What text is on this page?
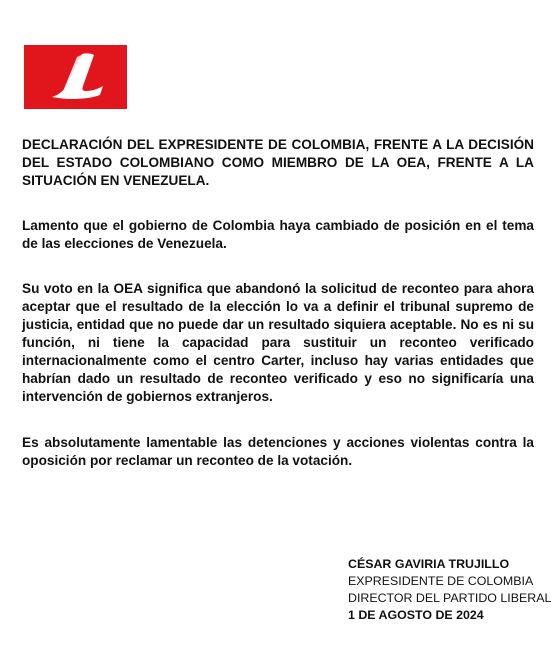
DECLARACIÓN DEL EXPRESIDENTE DE COLOMBIA, FRENTE A LA DECISIÓN DEL ESTADO COLOMBIANO COMO MIEMBRO DE LA OEA, FRENTE A LA SITUACIÓN EN VENEZUELA.

Lamento que el gobierno de Colombia haya cambiado de posición en el tema de las elecciones de Venezuela.

Su voto en la OEA significa que abandonó la solicitud de reconteo para ahora aceptar que el resultado de la elección lo va a definir el tribunal supremo de justicia, entidad que no puede dar un resultado siquiera aceptable. No es ni su función, ni tiene la capacidad para sustituir un reconteo verificado internacionalmente como el centro Carter, incluso hay varias entidades que habrían dado un resultado de reconteo verificado y eso no significaría una intervención de gobiernos extranjeros.

Es absolutamente lamentable las detenciones y acciones violentas contra la oposición por reclamar un reconteo de la votación.

CÉSAR GAVIRIA TRUJILLO
EXPRESIDENTE DE COLOMBIA
DIRECTOR DEL PARTIDO LIBERAL
1 DE AGOSTO DE 2024
